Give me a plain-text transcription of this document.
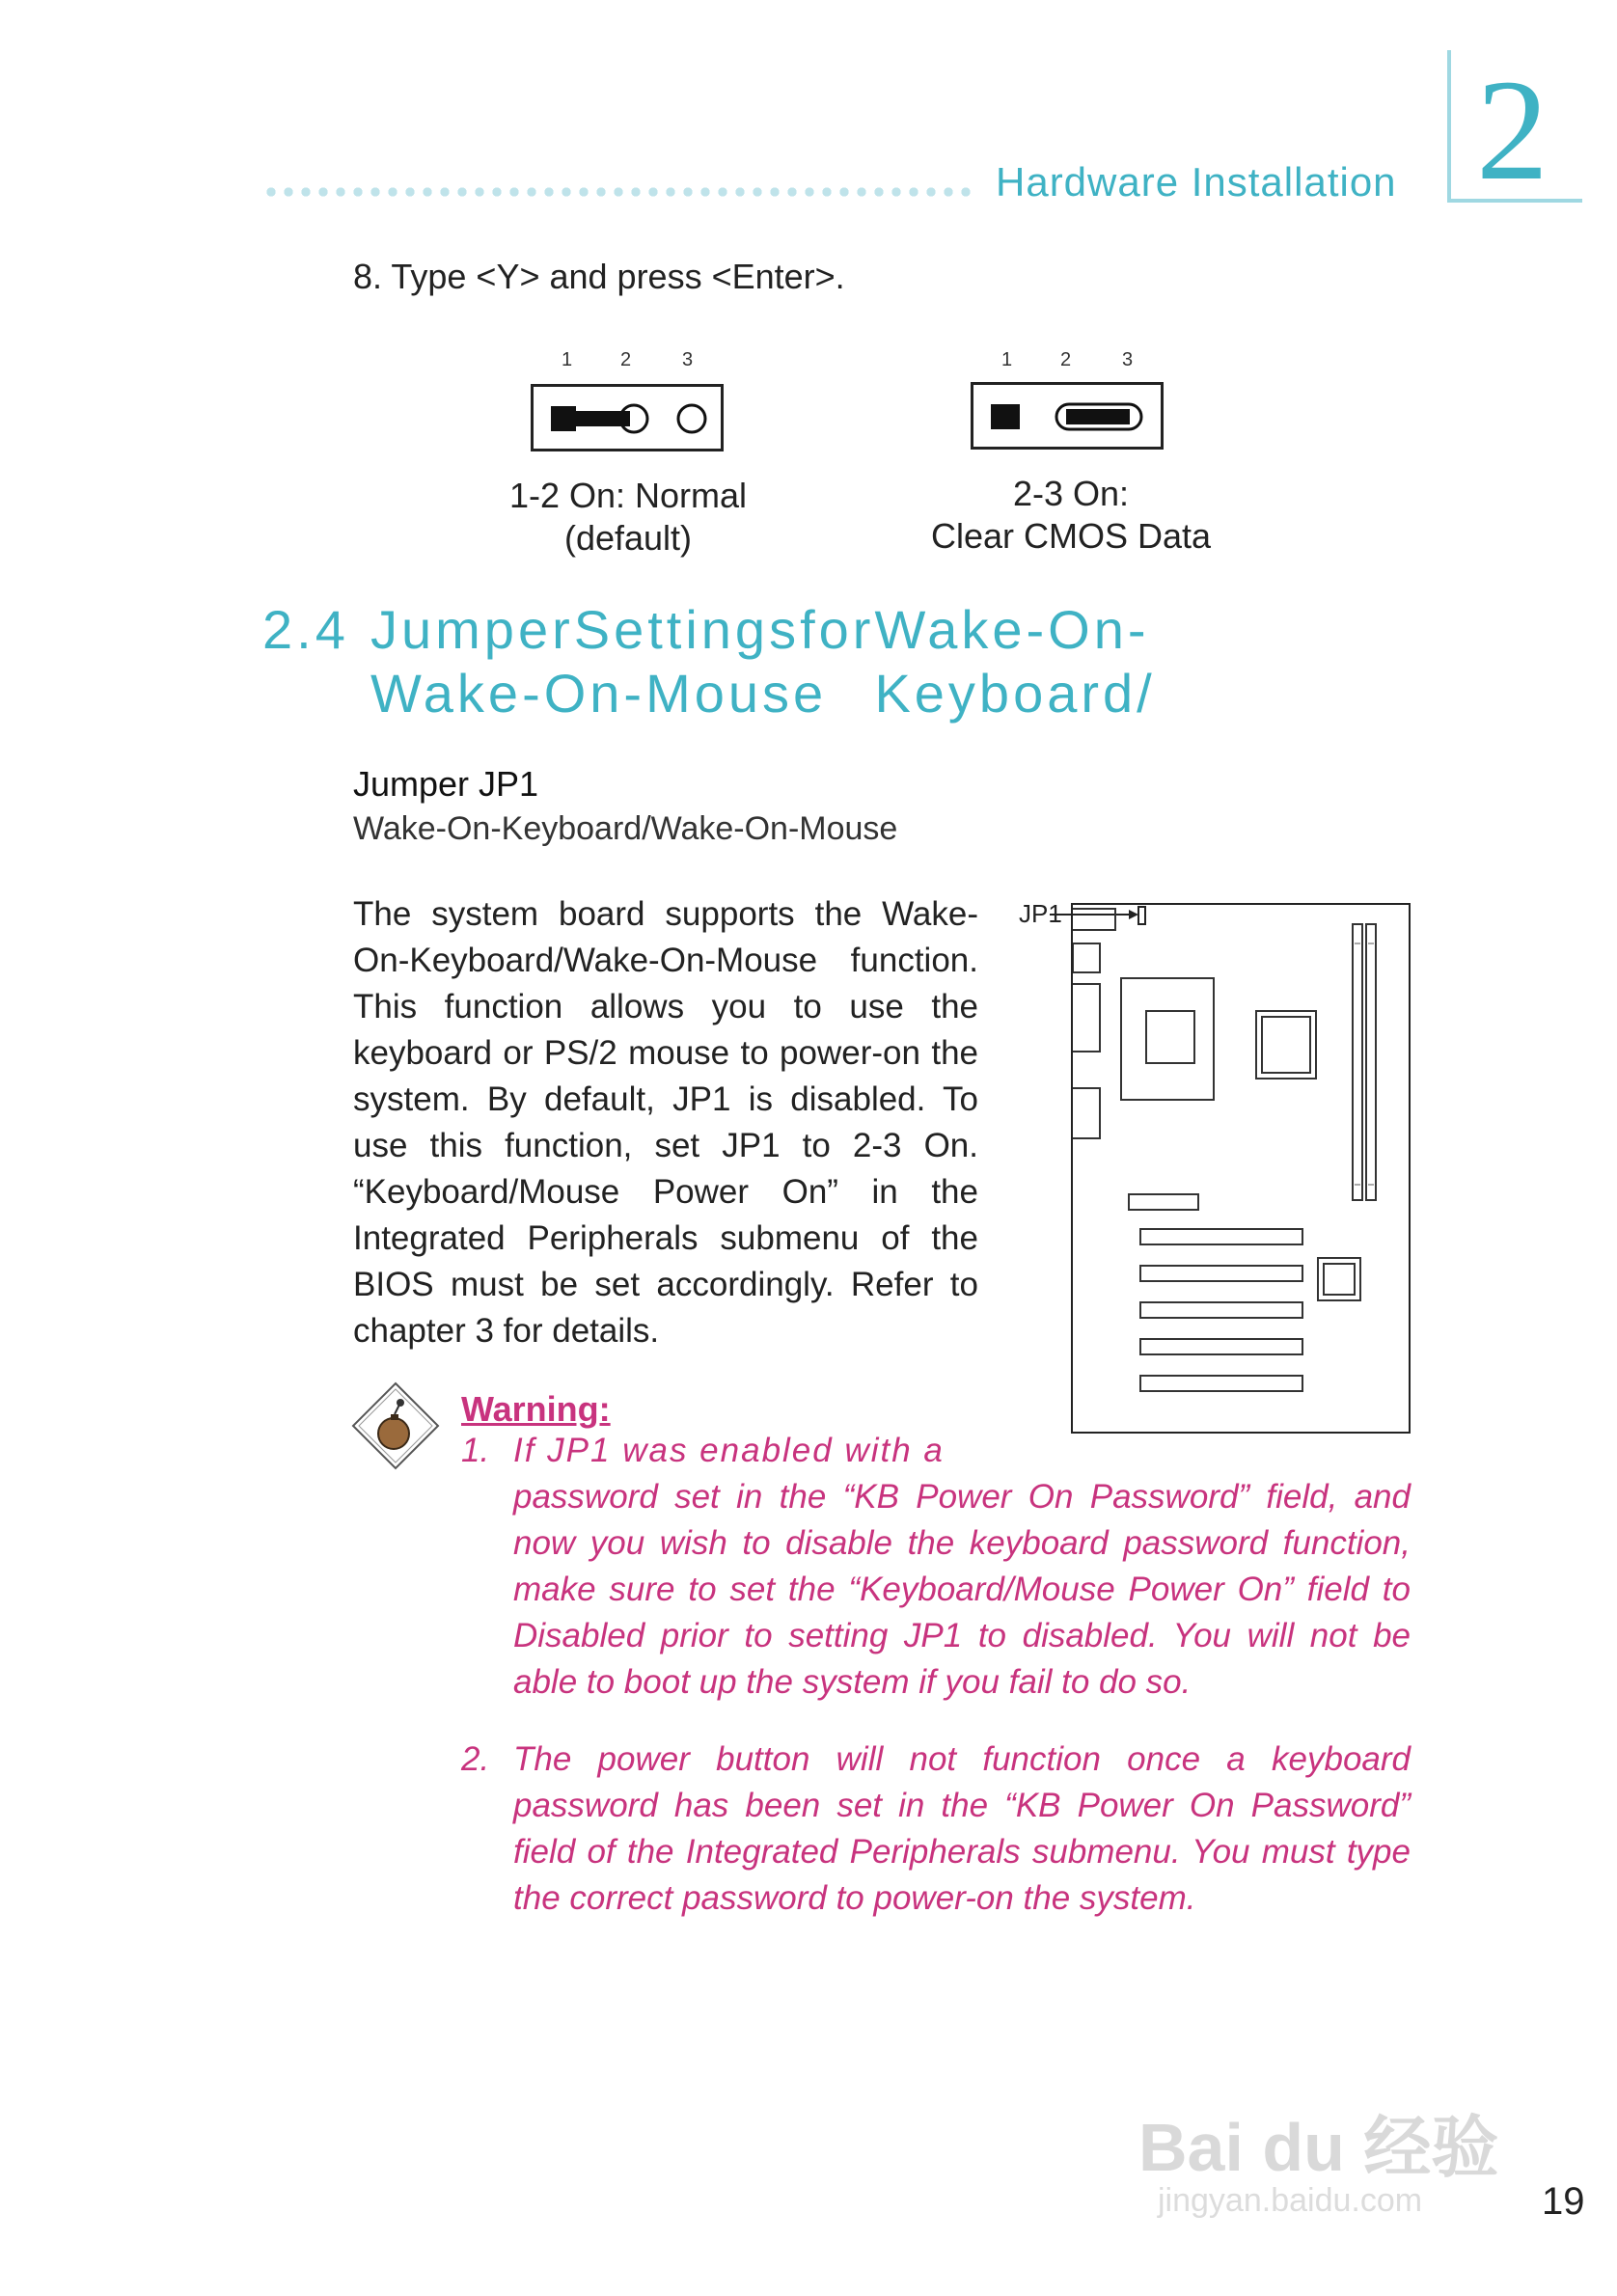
Hardware Installation 2
8. Type <Y> and press <Enter>.
1 2	3
1-2 On: Normal
(default)
1 2	3
2-3 On:
Clear CMOS Data
2.4 Jumper Settings for Wake-On-Keyboard/
Wake-On-Mouse
Jumper JP1
Wake-On-Keyboard/Wake-On-Mouse
The system board supports the Wake-On-Keyboard/Wake-On-Mouse function. This function allows you to use the keyboard or PS/2 mouse to power-on the system. By default, JP1 is disabled. To use this function, set JP1 to 2-3 On. “Keyboard/Mouse Power On” in the Integrated Peripherals submenu of the BIOS must be set accordingly. Refer to chapter 3 for details.
JP1
Warning:
1. If JP1 was enabled with a
password set in the “KB Power On Password” field, and now you wish to disable the keyboard password function, make sure to set the “Keyboard/Mouse Power On” field to Disabled prior to setting JP1 to disabled. You will not be able to boot up the system if you fail to do so.
2. The power button will not function once a keyboard password has been set in the “KB Power On Password” field of the Integrated Peripherals submenu. You must type the correct password to power-on the system.
Bai du 经验
jingyan.baidu.com	19
